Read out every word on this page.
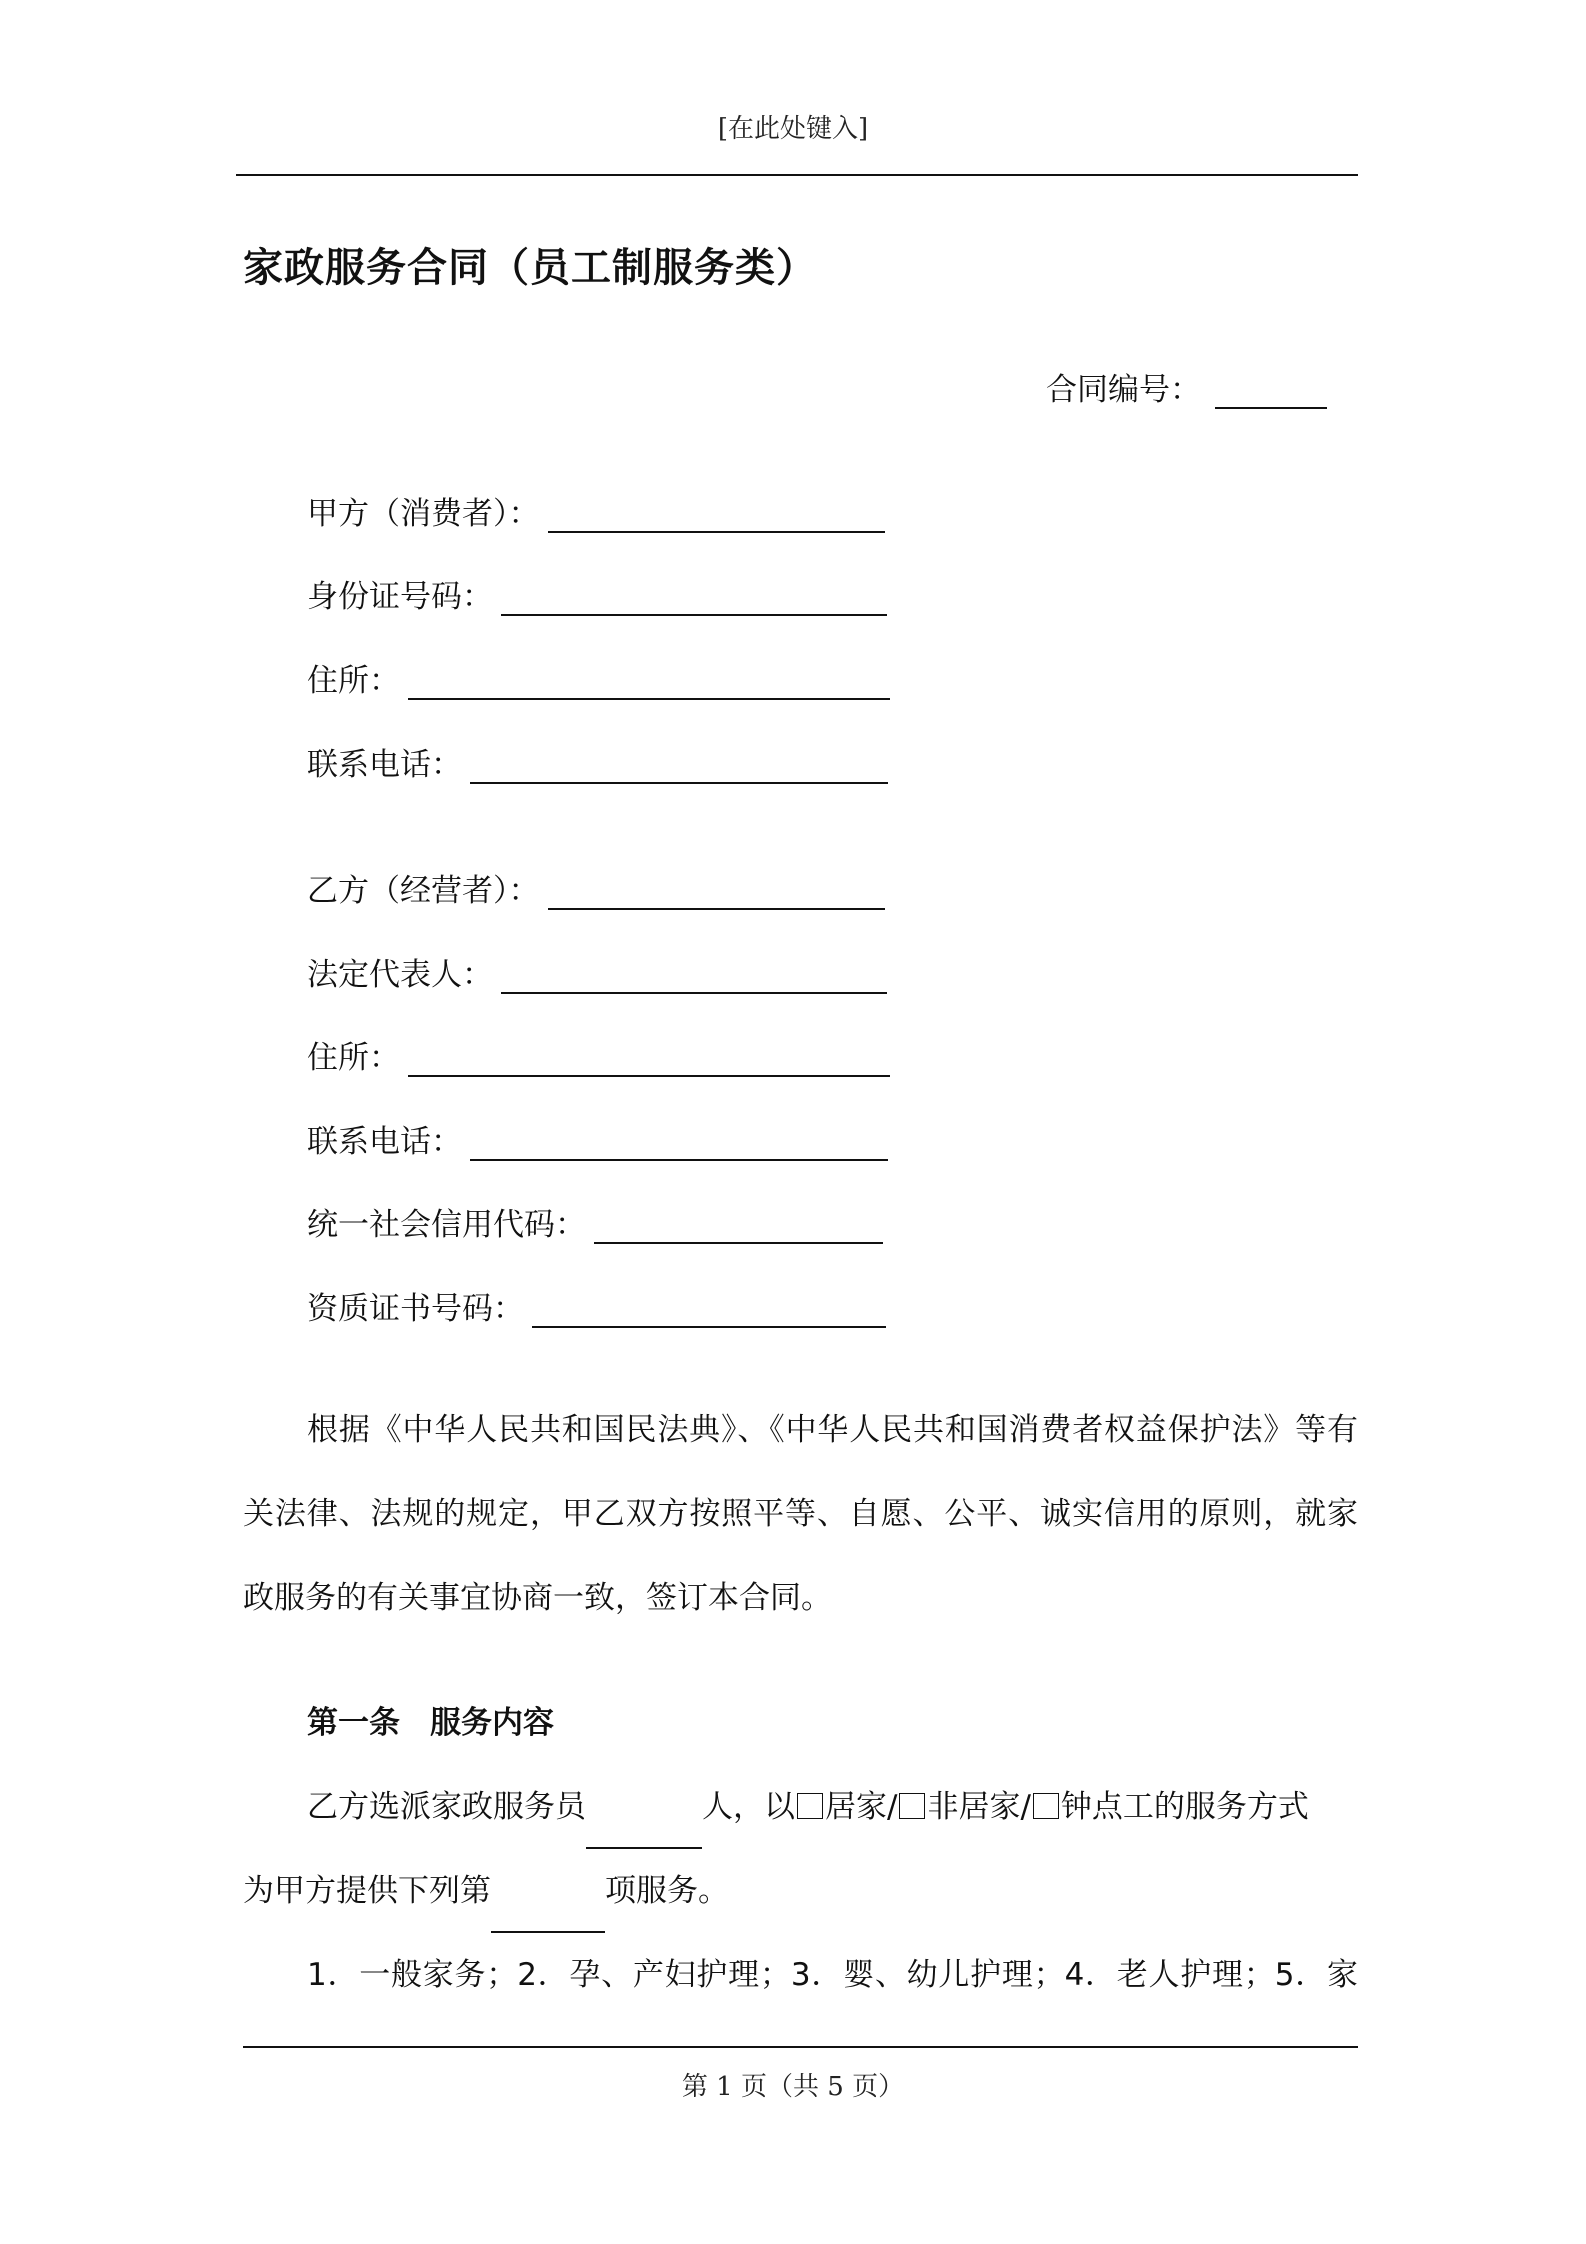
[在此处键入]
家政服务合同（员工制服务类）
合同编号：
甲方（消费者）：
身份证号码：
住所：
联系电话：
乙方（经营者）：
法定代表人：
住所：
联系电话：
统一社会信用代码：
资质证书号码：
根据《中华人民共和国民法典》、《中华人民共和国消费者权益保护法》等有
关法律、法规的规定，甲乙双方按照平等、自愿、公平、诚实信用的原则，就家
政服务的有关事宜协商一致，签订本合同。
第一条 服务内容
乙方选派家政服务员	人，以 居家/ 非居家/ 钟点工的服务方式
为甲方提供下列第	项服务。
1．一般家务；2．孕、产妇护理；3．婴、幼儿护理；4．老人护理；5．家
第 1 页（共 5 页）
